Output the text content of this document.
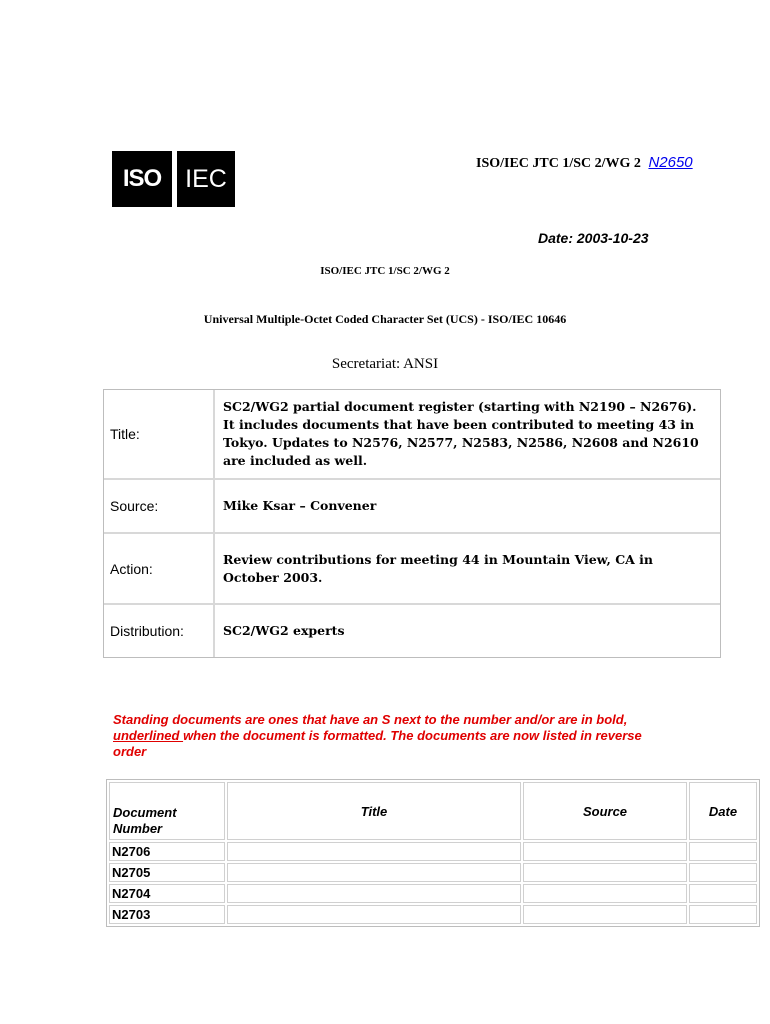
ISO IEC
ISO/IEC JTC 1/SC 2/WG 2 N2650
Date: 2003-10-23
ISO/IEC JTC 1/SC 2/WG 2
Universal Multiple-Octet Coded Character Set (UCS) - ISO/IEC 10646
Secretariat: ANSI
Title:
SC2/WG2 partial document register (starting with N2190 – N2676). It includes documents that have been contributed to meeting 43 in Tokyo. Updates to N2576, N2577, N2583, N2586, N2608 and N2610 are included as well.
Source:	Mike Ksar – Convener
Action:
Review contributions for meeting 44 in Mountain View, CA in October 2003.
Distribution:	SC2/WG2 experts
Standing documents are ones that have an S next to the number and/or are in bold, underlined when the document is formatted. The documents are now listed in reverse order
Document Number	Title	Source	Date
N2706			
N2705			
N2704			
N2703			
